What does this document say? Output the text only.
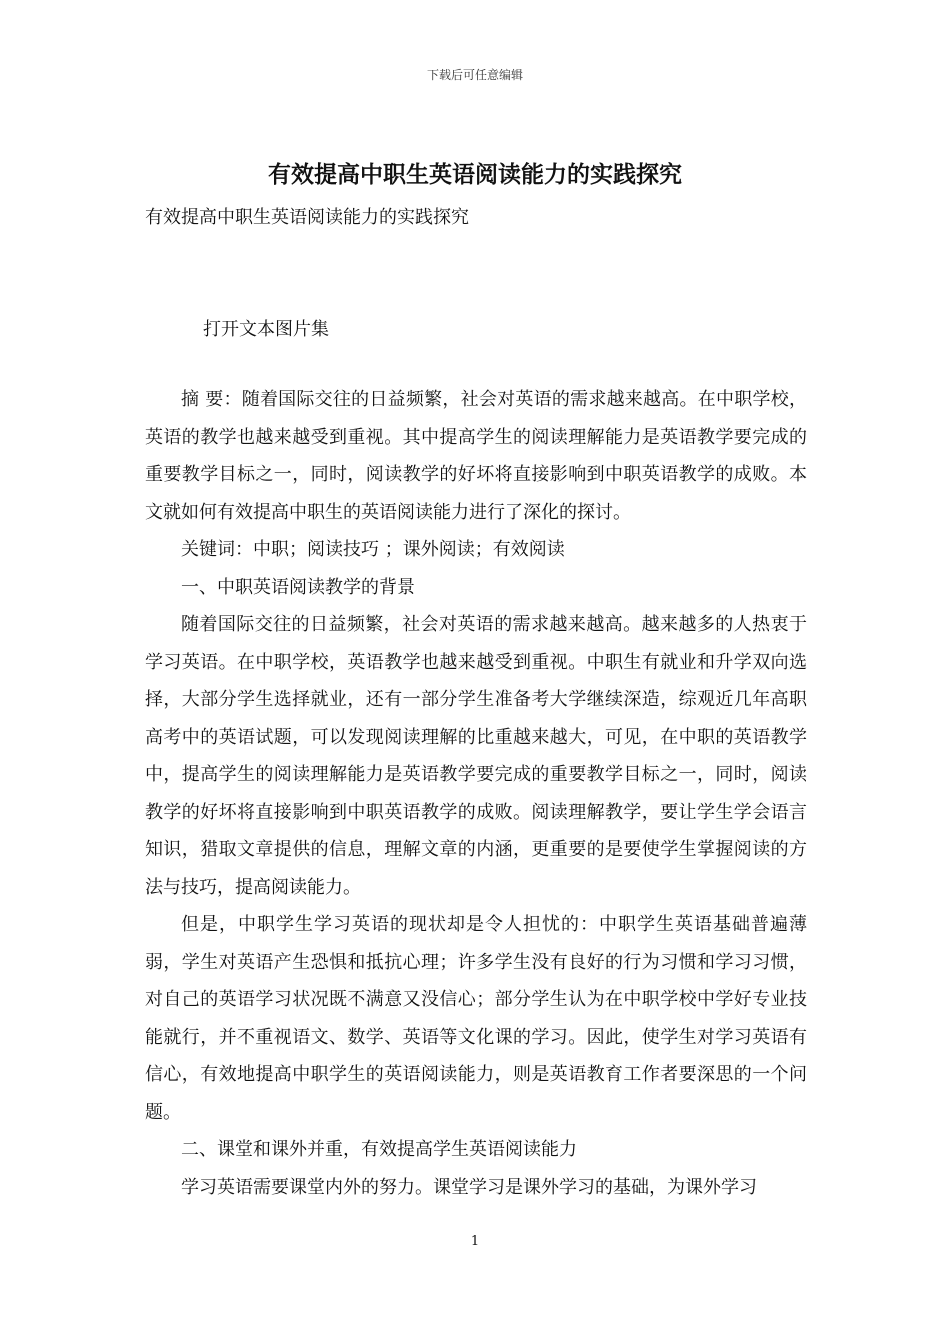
下载后可任意编辑
有效提高中职生英语阅读能力的实践探究
有效提高中职生英语阅读能力的实践探究
打开文本图片集

摘 要：随着国际交往的日益频繁，社会对英语的需求越来越高。在中职学校，英语的教学也越来越受到重视。其中提高学生的阅读理解能力是英语教学要完成的重要教学目标之一，同时，阅读教学的好坏将直接影响到中职英语教学的成败。本文就如何有效提高中职生的英语阅读能力进行了深化的探讨。

关键词：中职；阅读技巧 ；课外阅读；有效阅读

一、中职英语阅读教学的背景

随着国际交往的日益频繁，社会对英语的需求越来越高。越来越多的人热衷于学习英语。在中职学校，英语教学也越来越受到重视。中职生有就业和升学双向选择，大部分学生选择就业，还有一部分学生准备考大学继续深造，综观近几年高职高考中的英语试题，可以发现阅读理解的比重越来越大，可见，在中职的英语教学中，提高学生的阅读理解能力是英语教学要完成的重要教学目标之一，同时，阅读教学的好坏将直接影响到中职英语教学的成败。阅读理解教学，要让学生学会语言知识，猎取文章提供的信息，理解文章的内涵，更重要的是要使学生掌握阅读的方法与技巧，提高阅读能力。

但是，中职学生学习英语的现状却是令人担忧的：中职学生英语基础普遍薄弱，学生对英语产生恐惧和抵抗心理；许多学生没有良好的行为习惯和学习习惯，对自己的英语学习状况既不满意又没信心；部分学生认为在中职学校中学好专业技能就行，并不重视语文、数学、英语等文化课的学习。因此，使学生对学习英语有信心，有效地提高中职学生的英语阅读能力，则是英语教育工作者要深思的一个问题。

二、课堂和课外并重，有效提高学生英语阅读能力

学习英语需要课堂内外的努力。课堂学习是课外学习的基础，为课外学习

1
